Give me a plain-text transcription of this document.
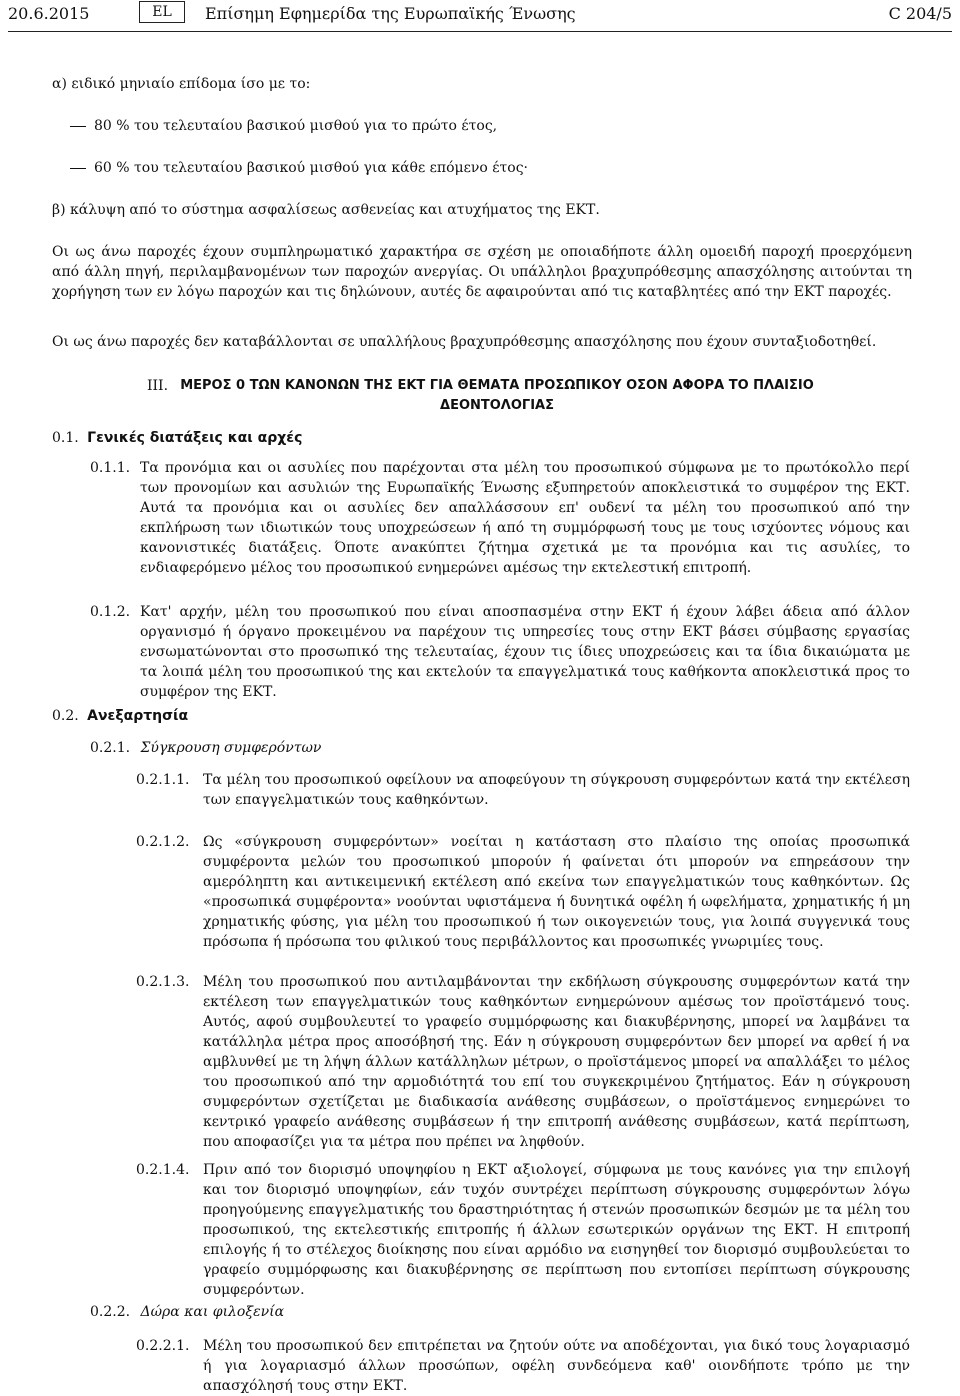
20.6.2015	EL	Επίσημη Εφημερίδα της Ευρωπαϊκής Ένωσης	C 204/5
α) ειδικό μηνιαίο επίδομα ίσο με το:
80 % του τελευταίου βασικού μισθού για το πρώτο έτος,
60 % του τελευταίου βασικού μισθού για κάθε επόμενο έτος·
β) κάλυψη από το σύστημα ασφαλίσεως ασθενείας και ατυχήματος της ΕΚΤ.
Οι ως άνω παροχές έχουν συμπληρωματικό χαρακτήρα σε σχέση με οποιαδήποτε άλλη ομοειδή παροχή προερχόμενη από άλλη πηγή, περιλαμβανομένων των παροχών ανεργίας. Οι υπάλληλοι βραχυπρόθεσμης απασχόλησης αιτούνται τη χορήγηση των εν λόγω παροχών και τις δηλώνουν, αυτές δε αφαιρούνται από τις καταβλητέες από την ΕΚΤ παροχές.
Οι ως άνω παροχές δεν καταβάλλονται σε υπαλλήλους βραχυπρόθεσμης απασχόλησης που έχουν συνταξιοδοτηθεί.
III. ΜΕΡΟΣ 0 ΤΩΝ ΚΑΝΟΝΩΝ ΤΗΣ ΕΚΤ ΓΙΑ ΘΕΜΑΤΑ ΠΡΟΣΩΠΙΚΟΥ ΟΣΟΝ ΑΦΟΡΑ ΤΟ ΠΛΑΙΣΙΟ ΔΕΟΝΤΟΛΟΓΙΑΣ
0.1. Γενικές διατάξεις και αρχές
0.1.1. Τα προνόμια και οι ασυλίες που παρέχονται στα μέλη του προσωπικού σύμφωνα με το πρωτόκολλο περί των προνομίων και ασυλιών της Ευρωπαϊκής Ένωσης εξυπηρετούν αποκλειστικά το συμφέρον της ΕΚΤ. Αυτά τα προνόμια και οι ασυλίες δεν απαλλάσσουν επ' ουδενί τα μέλη του προσωπικού από την εκπλήρωση των ιδιωτικών τους υποχρεώσεων ή από τη συμμόρφωσή τους με τους ισχύοντες νόμους και κανονιστικές διατάξεις. Όποτε ανακύπτει ζήτημα σχετικά με τα προνόμια και τις ασυλίες, το ενδιαφερόμενο μέλος του προσωπικού ενημερώνει αμέσως την εκτελεστική επιτροπή.
0.1.2. Κατ' αρχήν, μέλη του προσωπικού που είναι αποσπασμένα στην ΕΚΤ ή έχουν λάβει άδεια από άλλον οργανισμό ή όργανο προκειμένου να παρέχουν τις υπηρεσίες τους στην ΕΚΤ βάσει σύμβασης εργασίας ενσωματώνονται στο προσωπικό της τελευταίας, έχουν τις ίδιες υποχρεώσεις και τα ίδια δικαιώματα με τα λοιπά μέλη του προσωπικού της και εκτελούν τα επαγγελματικά τους καθήκοντα αποκλειστικά προς το συμφέρον της ΕΚΤ.
0.2. Ανεξαρτησία
0.2.1. Σύγκρουση συμφερόντων
0.2.1.1. Τα μέλη του προσωπικού οφείλουν να αποφεύγουν τη σύγκρουση συμφερόντων κατά την εκτέλεση των επαγγελματικών τους καθηκόντων.
0.2.1.2. Ως «σύγκρουση συμφερόντων» νοείται η κατάσταση στο πλαίσιο της οποίας προσωπικά συμφέροντα μελών του προσωπικού μπορούν ή φαίνεται ότι μπορούν να επηρεάσουν την αμερόληπτη και αντικειμενική εκτέλεση από εκείνα των επαγγελματικών τους καθηκόντων. Ως «προσωπικά συμφέροντα» νοούνται υφιστάμενα ή δυνητικά οφέλη ή ωφελήματα, χρηματικής ή μη χρηματικής φύσης, για μέλη του προσωπικού ή των οικογενειών τους, για λοιπά συγγενικά τους πρόσωπα ή πρόσωπα του φιλικού τους περιβάλλοντος και προσωπικές γνωριμίες τους.
0.2.1.3. Μέλη του προσωπικού που αντιλαμβάνονται την εκδήλωση σύγκρουσης συμφερόντων κατά την εκτέλεση των επαγγελματικών τους καθηκόντων ενημερώνουν αμέσως τον προϊστάμενό τους. Αυτός, αφού συμβουλευτεί το γραφείο συμμόρφωσης και διακυβέρνησης, μπορεί να λαμβάνει τα κατάλληλα μέτρα προς αποσόβησή της. Εάν η σύγκρουση συμφερόντων δεν μπορεί να αρθεί ή να αμβλυνθεί με τη λήψη άλλων κατάλληλων μέτρων, ο προϊστάμενος μπορεί να απαλλάξει το μέλος του προσωπικού από την αρμοδιότητά του επί του συγκεκριμένου ζητήματος. Εάν η σύγκρουση συμφερόντων σχετίζεται με διαδικασία ανάθεσης συμβάσεων, ο προϊστάμενος ενημερώνει το κεντρικό γραφείο ανάθεσης συμβάσεων ή την επιτροπή ανάθεσης συμβάσεων, κατά περίπτωση, που αποφασίζει για τα μέτρα που πρέπει να ληφθούν.
0.2.1.4. Πριν από τον διορισμό υποψηφίου η ΕΚΤ αξιολογεί, σύμφωνα με τους κανόνες για την επιλογή και τον διορισμό υποψηφίων, εάν τυχόν συντρέχει περίπτωση σύγκρουσης συμφερόντων λόγω προηγούμενης επαγγελματικής του δραστηριότητας ή στενών προσωπικών δεσμών με τα μέλη του προσωπικού, της εκτελεστικής επιτροπής ή άλλων εσωτερικών οργάνων της ΕΚΤ. Η επιτροπή επιλογής ή το στέλεχος διοίκησης που είναι αρμόδιο να εισηγηθεί τον διορισμό συμβουλεύεται το γραφείο συμμόρφωσης και διακυβέρνησης σε περίπτωση που εντοπίσει περίπτωση σύγκρουσης συμφερόντων.
0.2.2. Δώρα και φιλοξενία
0.2.2.1. Μέλη του προσωπικού δεν επιτρέπεται να ζητούν ούτε να αποδέχονται, για δικό τους λογαριασμό ή για λογαριασμό άλλων προσώπων, οφέλη συνδεόμενα καθ' οιονδήποτε τρόπο με την απασχόλησή τους στην ΕΚΤ.
